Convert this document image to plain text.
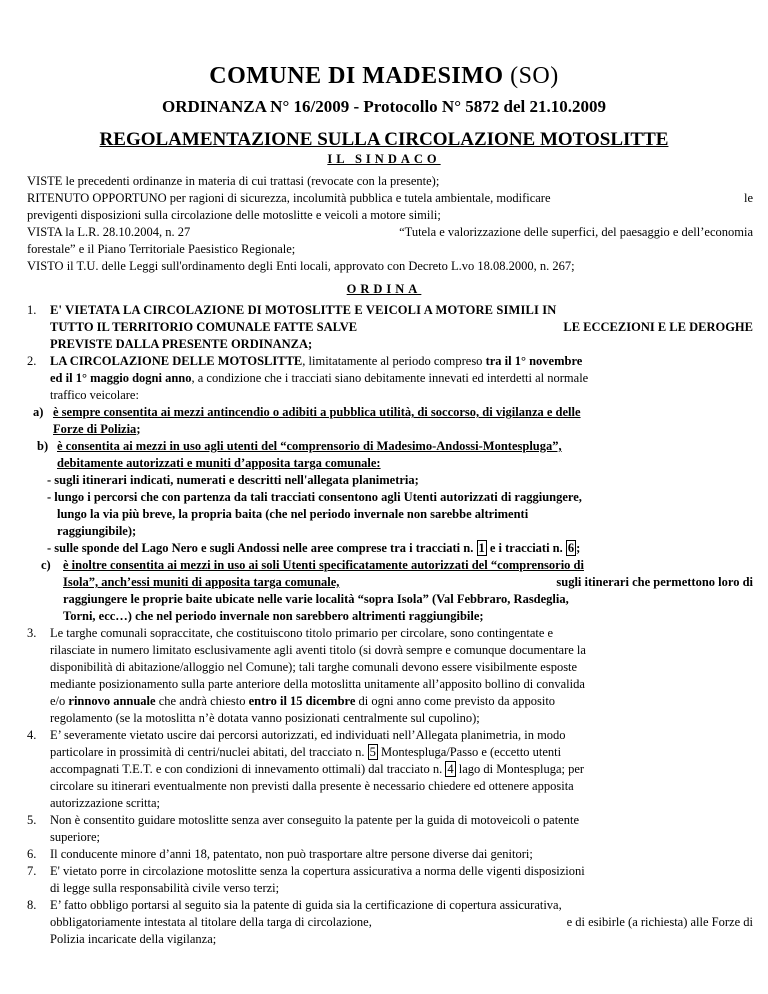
COMUNE DI MADESIMO (SO)
ORDINANZA N° 16/2009 - Protocollo N° 5872 del 21.10.2009
REGOLAMENTAZIONE SULLA CIRCOLAZIONE MOTOSLITTE
IL SINDACO
VISTE le precedenti ordinanze in materia di cui trattasi (revocate con la presente);
RITENUTO OPPORTUNO per ragioni di sicurezza, incolumità pubblica e tutela ambientale, modificare	le
previgenti disposizioni sulla circolazione delle motoslitte e veicoli a motore simili;
VISTA la L.R. 28.10.2004, n. 27	“Tutela e valorizzazione delle superfici, del paesaggio e dell’economia
forestale” e il Piano Territoriale Paesistico Regionale;
VISTO il T.U. delle Leggi sull'ordinamento degli Enti locali, approvato con Decreto L.vo 18.08.2000, n. 267;
ORDINA
1. E' VIETATA LA CIRCOLAZIONE DI MOTOSLITTE E VEICOLI A MOTORE SIMILI IN
TUTTO IL TERRITORIO COMUNALE FATTE SALVE	LE ECCEZIONI E LE DEROGHE
PREVISTE DALLA PRESENTE ORDINANZA;
2. LA CIRCOLAZIONE DELLE MOTOSLITTE, limitatamente al periodo compreso tra il 1° novembre
ed il 1° maggio dogni anno, a condizione che i tracciati siano debitamente innevati ed interdetti al normale
traffico veicolare:
a) è sempre consentita ai mezzi antincendio o adibiti a pubblica utilità, di soccorso, di vigilanza e delle
Forze di Polizia;
b) è consentita ai mezzi in uso agli utenti del “comprensorio di Madesimo-Andossi-Montespluga”,
debitamente autorizzati e muniti d’apposita targa comunale:
- sugli itinerari indicati, numerati e descritti nell'allegata planimetria;
- lungo i percorsi che con partenza da tali tracciati consentono agli Utenti autorizzati di raggiungere,
lungo la via più breve, la propria baita (che nel periodo invernale non sarebbe altrimenti
raggiungibile);
- sulle sponde del Lago Nero e sugli Andossi nelle aree comprese tra i tracciati n. 1 e i tracciati n. 6 ;
c) è inoltre consentita ai mezzi in uso ai soli Utenti specificatamente autorizzati del “comprensorio di
Isola”, anch’essi muniti di apposita targa comunale,	sugli itinerari che permettono loro di
raggiungere le proprie baite ubicate nelle varie località “sopra Isola” (Val Febbraro, Rasdeglia,
Torni, ecc…) che nel periodo invernale non sarebbero altrimenti raggiungibile;
3. Le targhe comunali sopraccitate, che costituiscono titolo primario per circolare, sono contingentate e
rilasciate in numero limitato esclusivamente agli aventi titolo (si dovrà sempre e comunque documentare la
disponibilità di abitazione/alloggio nel Comune); tali targhe comunali devono essere visibilmente esposte
mediante posizionamento sulla parte anteriore della motoslitta unitamente all’apposito bollino di convalida
e/o rinnovo annuale che andrà chiesto entro il 15 dicembre di ogni anno come previsto da apposito
regolamento (se la motoslitta n’è dotata vanno posizionati centralmente sul cupolino);
4. E’ severamente vietato uscire dai percorsi autorizzati, ed individuati nell’Allegata planimetria, in modo
particolare in prossimità di centri/nuclei abitati, del tracciato n. 5 Montespluga/Passo e (eccetto utenti
accompagnati T.E.T. e con condizioni di innevamento ottimali) dal tracciato n. 4 lago di Montespluga; per
circolare su itinerari eventualmente non previsti dalla presente è necessario chiedere ed ottenere apposita
autorizzazione scritta;
5. Non è consentito guidare motoslitte senza aver conseguito la patente per la guida di motoveicoli o patente
superiore;
6. Il conducente minore d’anni 18, patentato, non può trasportare altre persone diverse dai genitori;
7. E' vietato porre in circolazione motoslitte senza la copertura assicurativa a norma delle vigenti disposizioni
di legge sulla responsabilità civile verso terzi;
8. E’ fatto obbligo portarsi al seguito sia la patente di guida sia la certificazione di copertura assicurativa,
obbligatoriamente intestata al titolare della targa di circolazione,	e di esibirle (a richiesta) alle Forze di
Polizia incaricate della vigilanza;
